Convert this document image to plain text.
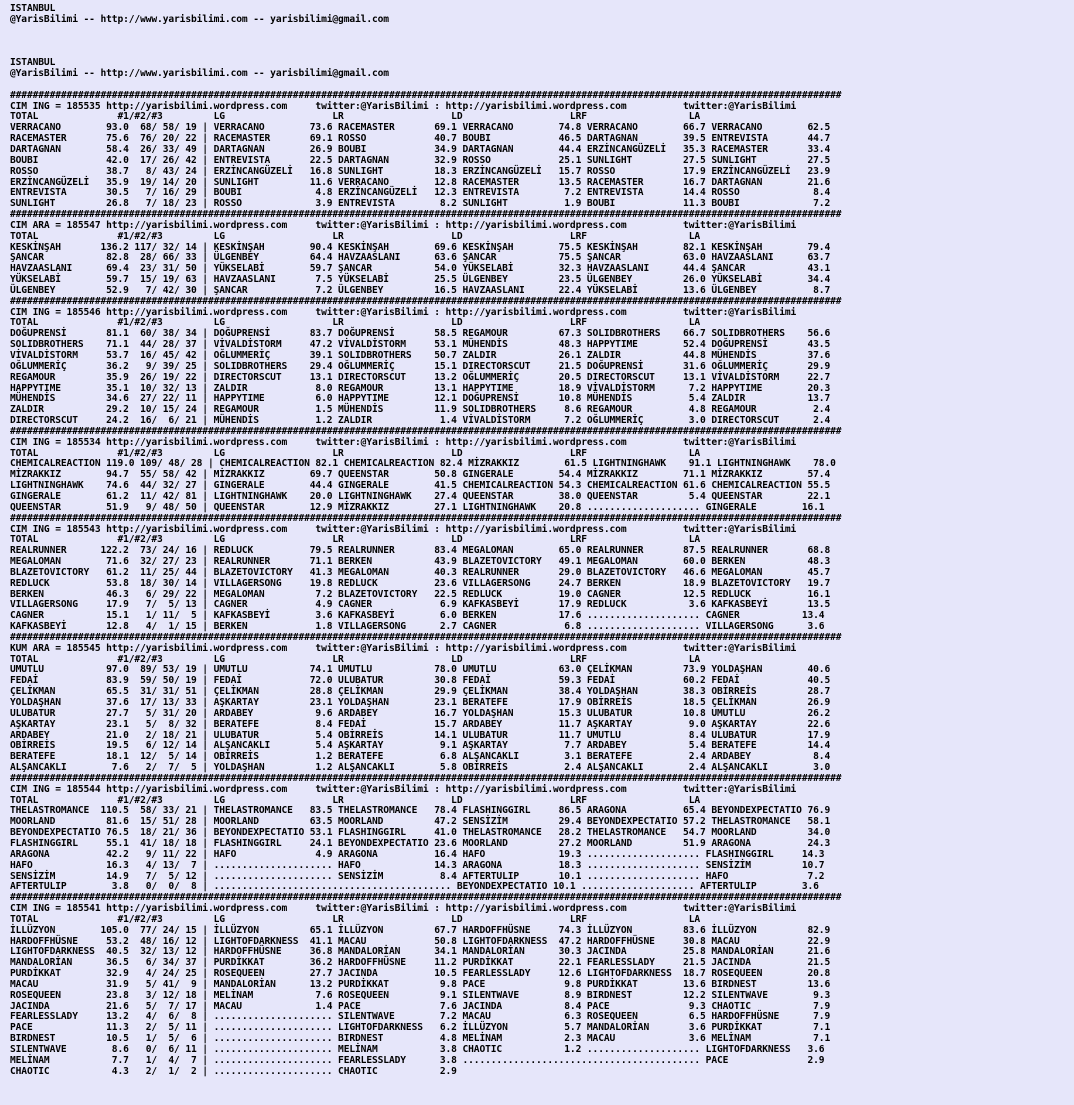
ISTANBUL
@YarisBilimi -- http://www.yarisbilimi.com -- yarisbilimi@gmail.com
ISTANBUL
@YarisBilimi -- http://www.yarisbilimi.com -- yarisbilimi@gmail.com
###################################################################################################################################################
CIM ING = 185535 http://yarisbilimi.wordpress.com     twitter:@YarisBilimi : http://yarisbilimi.wordpress.com          twitter:@YarisBilimi
TOTAL              #1/#2/#3         LG                   LR                   LD                   LRF                  LA
VERRACANO        93.0  68/ 58/ 19 | VERRACANO        73.6 RACEMASTER       69.1 VERRACANO        74.8 VERRACANO        66.7 VERRACANO        62.5
RACEMASTER       75.6  76/ 20/ 22 | RACEMASTER       69.1 ROSSO            40.7 BOUBI            46.5 DARTAGNAN        39.5 ENTREVISTA       44.7
DARTAGNAN        58.4  26/ 33/ 49 | DARTAGNAN        26.9 BOUBI            34.9 DARTAGNAN        44.4 ERZİNCANGÜZELİ   35.3 RACEMASTER       33.4
BOUBI            42.0  17/ 26/ 42 | ENTREVISTA       22.5 DARTAGNAN        32.9 ROSSO            25.1 SUNLIGHT         27.5 SUNLIGHT         27.5
ROSSO            38.7   8/ 43/ 24 | ERZİNCANGÜZELİ   16.8 SUNLIGHT         18.3 ERZİNCANGÜZELİ   15.7 ROSSO            17.9 ERZİNCANGÜZELİ   23.9
ERZİNCANGÜZELİ   35.9  19/ 14/ 20 | SUNLIGHT         11.6 VERRACANO        12.8 RACEMASTER       13.5 RACEMASTER       16.7 DARTAGNAN        21.6
ENTREVISTA       30.5   7/ 16/ 29 | BOUBI             4.8 ERZİNCANGÜZELİ   12.3 ENTREVISTA        7.2 ENTREVISTA       14.4 ROSSO             8.4
SUNLIGHT         26.8   7/ 18/ 23 | ROSSO             3.9 ENTREVISTA        8.2 SUNLIGHT          1.9 BOUBI            11.3 BOUBI             7.2
###################################################################################################################################################
CIM ARA = 185547 http://yarisbilimi.wordpress.com     twitter:@YarisBilimi : http://yarisbilimi.wordpress.com          twitter:@YarisBilimi
TOTAL              #1/#2/#3         LG                   LR                   LD                   LRF                  LA
KESKİNŞAH       136.2 117/ 32/ 14 | KESKİNŞAH        90.4 KESKİNŞAH        69.6 KESKİNŞAH        75.5 KESKİNŞAH        82.1 KESKİNŞAH        79.4
ŞANCAR           82.8  28/ 66/ 33 | ÜLGENBEY         64.4 HAVZAASLANI      63.6 ŞANCAR           75.5 ŞANCAR           63.0 HAVZAASLANI      63.7
HAVZAASLANI      69.4  23/ 31/ 50 | YÜKSELABİ        59.7 ŞANCAR           54.0 YÜKSELABİ        32.3 HAVZAASLANI      44.4 ŞANCAR           43.1
YÜKSELABİ        59.7  15/ 19/ 63 | HAVZAASLANI       7.5 YÜKSELABİ        25.5 ÜLGENBEY         23.5 ÜLGENBEY         26.0 YÜKSELABİ        34.4
ÜLGENBEY         52.9   7/ 42/ 30 | ŞANCAR            7.2 ÜLGENBEY         16.5 HAVZAASLANI      22.4 YÜKSELABİ        13.6 ÜLGENBEY          8.7
###################################################################################################################################################
CIM ING = 185546 http://yarisbilimi.wordpress.com     twitter:@YarisBilimi : http://yarisbilimi.wordpress.com          twitter:@YarisBilimi
TOTAL              #1/#2/#3         LG                   LR                   LD                   LRF                  LA
DOĞUPRENSİ       81.1  60/ 38/ 34 | DOĞUPRENSİ       83.7 DOĞUPRENSİ       58.5 REGAMOUR         67.3 SOLIDBROTHERS    66.7 SOLIDBROTHERS    56.6
SOLIDBROTHERS    71.1  44/ 28/ 37 | VİVALDİSTORM     47.2 VİVALDİSTORM     53.1 MÜHENDİS         48.3 HAPPYTIME        52.4 DOĞUPRENSİ       43.5
VİVALDİSTORM     53.7  16/ 45/ 42 | OĞLUMMERİÇ       39.1 SOLIDBROTHERS    50.7 ZALDIR           26.1 ZALDIR           44.8 MÜHENDİS         37.6
OĞLUMMERİÇ       36.2   9/ 39/ 25 | SOLIDBROTHERS    29.4 OĞLUMMERİÇ       15.1 DIRECTORSCUT     21.5 DOĞUPRENSİ       31.6 OĞLUMMERİÇ       29.9
REGAMOUR         35.9  26/ 19/ 22 | DIRECTORSCUT     13.1 DIRECTORSCUT     13.2 OĞLUMMERİÇ       20.5 DIRECTORSCUT     13.1 VİVALDİSTORM     22.7
HAPPYTIME        35.1  10/ 32/ 13 | ZALDIR            8.0 REGAMOUR         13.1 HAPPYTIME        18.9 VİVALDİSTORM      7.2 HAPPYTIME        20.3
MÜHENDİS         34.6  27/ 22/ 11 | HAPPYTIME         6.0 HAPPYTIME        12.1 DOĞUPRENSİ       10.8 MÜHENDİS          5.4 ZALDIR           13.7
ZALDIR           29.2  10/ 15/ 24 | REGAMOUR          1.5 MÜHENDİS         11.9 SOLIDBROTHERS     8.6 REGAMOUR          4.8 REGAMOUR          2.4
DIRECTORSCUT     24.2  16/  6/ 21 | MÜHENDİS          1.2 ZALDIR            1.4 VİVALDİSTORM      7.2 OĞLUMMERİÇ        3.0 DIRECTORSCUT      2.4
###################################################################################################################################################
CIM ING = 185534 http://yarisbilimi.wordpress.com     twitter:@YarisBilimi : http://yarisbilimi.wordpress.com          twitter:@YarisBilimi
TOTAL              #1/#2/#3         LG                   LR                   LD                   LRF                  LA
CHEMICALREACTION 119.0 109/ 48/ 28 | CHEMICALREACTION 82.1 CHEMICALREACTION 82.4 MİZRAKKIZ        61.5 LIGHTNINGHAWK    91.1 LIGHTNINGHAWK    78.0
MİZRAKKIZ        94.7  55/ 58/ 42 | MİZRAKKIZ        69.7 QUEENSTAR        50.8 GINGERALE        54.4 MİZRAKKIZ        71.1 MİZRAKKIZ        57.4
LIGHTNINGHAWK    74.6  44/ 32/ 27 | GINGERALE        44.4 GINGERALE        41.5 CHEMICALREACTION 54.3 CHEMICALREACTION 61.6 CHEMICALREACTION 55.5
GINGERALE        61.2  11/ 42/ 81 | LIGHTNINGHAWK    20.0 LIGHTNINGHAWK    27.4 QUEENSTAR        38.0 QUEENSTAR         5.4 QUEENSTAR        22.1
QUEENSTAR        51.9   9/ 48/ 50 | QUEENSTAR        12.9 MİZRAKKIZ        27.1 LIGHTNINGHAWK    20.8 .................... GINGERALE        16.1
###################################################################################################################################################
CIM ING = 185543 http://yarisbilimi.wordpress.com     twitter:@YarisBilimi : http://yarisbilimi.wordpress.com          twitter:@YarisBilimi
TOTAL              #1/#2/#3         LG                   LR                   LD                   LRF                  LA
REALRUNNER      122.2  73/ 24/ 16 | REDLUCK          79.5 REALRUNNER       83.4 MEGALOMAN        65.0 REALRUNNER       87.5 REALRUNNER       68.8
MEGALOMAN        71.6  32/ 27/ 23 | REALRUNNER       71.1 BERKEN           43.9 BLAZETOVICTORY   49.1 MEGALOMAN        60.0 BERKEN           48.3
BLAZETOVICTORY   61.2  11/ 25/ 44 | BLAZETOVICTORY   41.3 MEGALOMAN        40.3 REALRUNNER       29.0 BLAZETOVICTORY   46.6 MEGALOMAN        45.7
REDLUCK          53.8  18/ 30/ 14 | VILLAGERSONG     19.8 REDLUCK          23.6 VILLAGERSONG     24.7 BERKEN           18.9 BLAZETOVICTORY   19.7
BERKEN           46.3   6/ 29/ 22 | MEGALOMAN         7.2 BLAZETOVICTORY   22.5 REDLUCK          19.0 CAGNER           12.5 REDLUCK          16.1
VILLAGERSONG     17.9   7/  5/ 13 | CAGNER            4.9 CAGNER            6.9 KAFKASBEYİ       17.9 REDLUCK           3.6 KAFKASBEYİ       13.5
CAGNER           15.1   1/ 11/  5 | KAFKASBEYİ        3.6 KAFKASBEYİ        6.0 BERKEN           17.6 .................... CAGNER           13.4
KAFKASBEYİ       12.8   4/  1/ 15 | BERKEN            1.8 VILLAGERSONG      2.7 CAGNER            6.8 .................... VILLAGERSONG      3.6
###################################################################################################################################################
KUM ARA = 185545 http://yarisbilimi.wordpress.com     twitter:@YarisBilimi : http://yarisbilimi.wordpress.com          twitter:@YarisBilimi
TOTAL              #1/#2/#3         LG                   LR                   LD                   LRF                  LA
UMUTLU           97.0  89/ 53/ 19 | UMUTLU           74.1 UMUTLU           78.0 UMUTLU           63.0 ÇELİKMAN         73.9 YOLDAŞHAN        40.6
FEDAİ            83.9  59/ 50/ 19 | FEDAİ            72.0 ULUBATUR         30.8 FEDAİ            59.3 FEDAİ            60.2 FEDAİ            40.5
ÇELİKMAN         65.5  31/ 31/ 51 | ÇELİKMAN         28.8 ÇELİKMAN         29.9 ÇELİKMAN         38.4 YOLDAŞHAN        38.3 OBİRREİS         28.7
YOLDAŞHAN        37.6  17/ 13/ 33 | AŞKARTAY         23.1 YOLDAŞHAN        23.1 BERATEFE         17.9 OBİRREİS         18.5 ÇELİKMAN         26.9
ULUBATUR         27.7   5/ 31/ 20 | ARDABEY           9.6 ARDABEY          16.7 YOLDAŞHAN        15.3 ULUBATUR         10.8 UMUTLU           26.2
AŞKARTAY         23.1   5/  8/ 32 | BERATEFE          8.4 FEDAİ            15.7 ARDABEY          11.7 AŞKARTAY          9.0 AŞKARTAY         22.6
ARDABEY          21.0   2/ 18/ 21 | ULUBATUR          5.4 OBİRREİS         14.1 ULUBATUR         11.7 UMUTLU            8.4 ULUBATUR         17.9
OBİRREİS         19.5   6/ 12/ 14 | ALŞANCAKLI        5.4 AŞKARTAY          9.1 AŞKARTAY          7.7 ARDABEY           5.4 BERATEFE         14.4
BERATEFE         18.1  12/  5/ 14 | OBİRREİS          1.2 BERATEFE          6.8 ALŞANCAKLI        3.1 BERATEFE          2.4 ARDABEY           8.4
ALŞANCAKLI        7.6   2/  7/  5 | YOLDAŞHAN         1.2 ALŞANCAKLI        5.8 OBİRREİS          2.4 ALŞANCAKLI        2.4 ALŞANCAKLI        3.0
###################################################################################################################################################
CIM ING = 185544 http://yarisbilimi.wordpress.com     twitter:@YarisBilimi : http://yarisbilimi.wordpress.com          twitter:@YarisBilimi
TOTAL              #1/#2/#3         LG                   LR                   LD                   LRF                  LA
THELASTROMANCE  110.5  58/ 33/ 21 | THELASTROMANCE   83.5 THELASTROMANCE   78.4 FLASHINGGIRL     86.5 ARAGONA          65.4 BEYONDEXPECTATIO 76.9
MOORLAND         81.6  15/ 51/ 28 | MOORLAND         63.5 MOORLAND         47.2 SENSİZİM         29.4 BEYONDEXPECTATIO 57.2 THELASTROMANCE   58.1
BEYONDEXPECTATIO 76.5  18/ 21/ 36 | BEYONDEXPECTATIO 53.1 FLASHINGGIRL     41.0 THELASTROMANCE   28.2 THELASTROMANCE   54.7 MOORLAND         34.0
FLASHINGGIRL     55.1  41/ 18/ 18 | FLASHINGGIRL     24.1 BEYONDEXPECTATIO 23.6 MOORLAND         27.2 MOORLAND         51.9 ARAGONA          24.3
ARAGONA          42.2   9/ 11/ 22 | HAFO              4.9 ARAGONA          16.4 HAFO             19.3 .................... FLASHINGGIRL     14.3
HAFO             16.3   4/ 13/  7 | ..................... HAFO             14.3 ARAGONA          18.3 .................... SENSİZİM         10.7
SENSİZİM         14.9   7/  5/ 12 | ..................... SENSİZİM          8.4 AFTERTULIP       10.1 .................... HAFO              7.2
AFTERTULIP        3.8   0/  0/  8 | .......................................... BEYONDEXPECTATIO 10.1 .................... AFTERTULIP        3.6
###################################################################################################################################################
CIM ING = 185541 http://yarisbilimi.wordpress.com     twitter:@YarisBilimi : http://yarisbilimi.wordpress.com          twitter:@YarisBilimi
TOTAL              #1/#2/#3         LG                   LR                   LD                   LRF                  LA
İLLÜZYON        105.0  77/ 24/ 15 | İLLÜZYON         65.1 İLLÜZYON         67.7 HARDOFFHÜSNE     74.3 İLLÜZYON         83.6 İLLÜZYON         82.9
HARDOFFHÜSNE     53.2  48/ 16/ 12 | LIGHTOFDARKNESS  41.1 MACAU            50.8 LIGHTOFDARKNESS  47.2 HARDOFFHÜSNE     30.8 MACAU            22.9
LIGHTOFDARKNESS  40.5  32/ 13/ 12 | HARDOFFHÜSNE     36.8 MANDALORİAN      34.1 MANDALORİAN      30.3 JACINDA          25.8 MANDALORİAN      21.6
MANDALORİAN      36.5   6/ 34/ 37 | PURDİKKAT        36.2 HARDOFFHÜSNE     11.2 PURDİKKAT        22.1 FEARLESSLADY     21.5 JACINDA          21.5
PURDİKKAT        32.9   4/ 24/ 25 | ROSEQUEEN        27.7 JACINDA          10.5 FEARLESSLADY     12.6 LIGHTOFDARKNESS  18.7 ROSEQUEEN        20.8
MACAU            31.9   5/ 41/  9 | MANDALORİAN      13.2 PURDİKKAT         9.8 PACE              9.8 PURDİKKAT        13.6 BIRDNEST         13.6
ROSEQUEEN        23.8   3/ 12/ 18 | MELİNAM           7.6 ROSEQUEEN         9.1 SILENTWAVE        8.9 BIRDNEST         12.2 SILENTWAVE        9.3
JACINDA          21.6   5/  7/ 17 | MACAU             1.4 PACE              7.6 JACINDA           8.4 PACE              9.3 CHAOTIC           7.9
FEARLESSLADY     13.2   4/  6/  8 | ..................... SILENTWAVE        7.2 MACAU             6.3 ROSEQUEEN         6.5 HARDOFFHÜSNE      7.9
PACE             11.3   2/  5/ 11 | ..................... LIGHTOFDARKNESS   6.2 İLLÜZYON          5.7 MANDALORİAN       3.6 PURDİKKAT         7.1
BIRDNEST         10.5   1/  5/  6 | ..................... BIRDNEST          4.8 MELİNAM           2.3 MACAU             3.6 MELİNAM           7.1
SILENTWAVE        8.6   0/  6/ 11 | ..................... MELİNAM           3.8 CHAOTIC           1.2 .................... LIGHTOFDARKNESS   3.6
MELİNAM           7.7   1/  4/  7 | ..................... FEARLESSLADY      3.8 .......................................... PACE              2.9
CHAOTIC           4.3   2/  1/  2 | ..................... CHAOTIC           2.9
